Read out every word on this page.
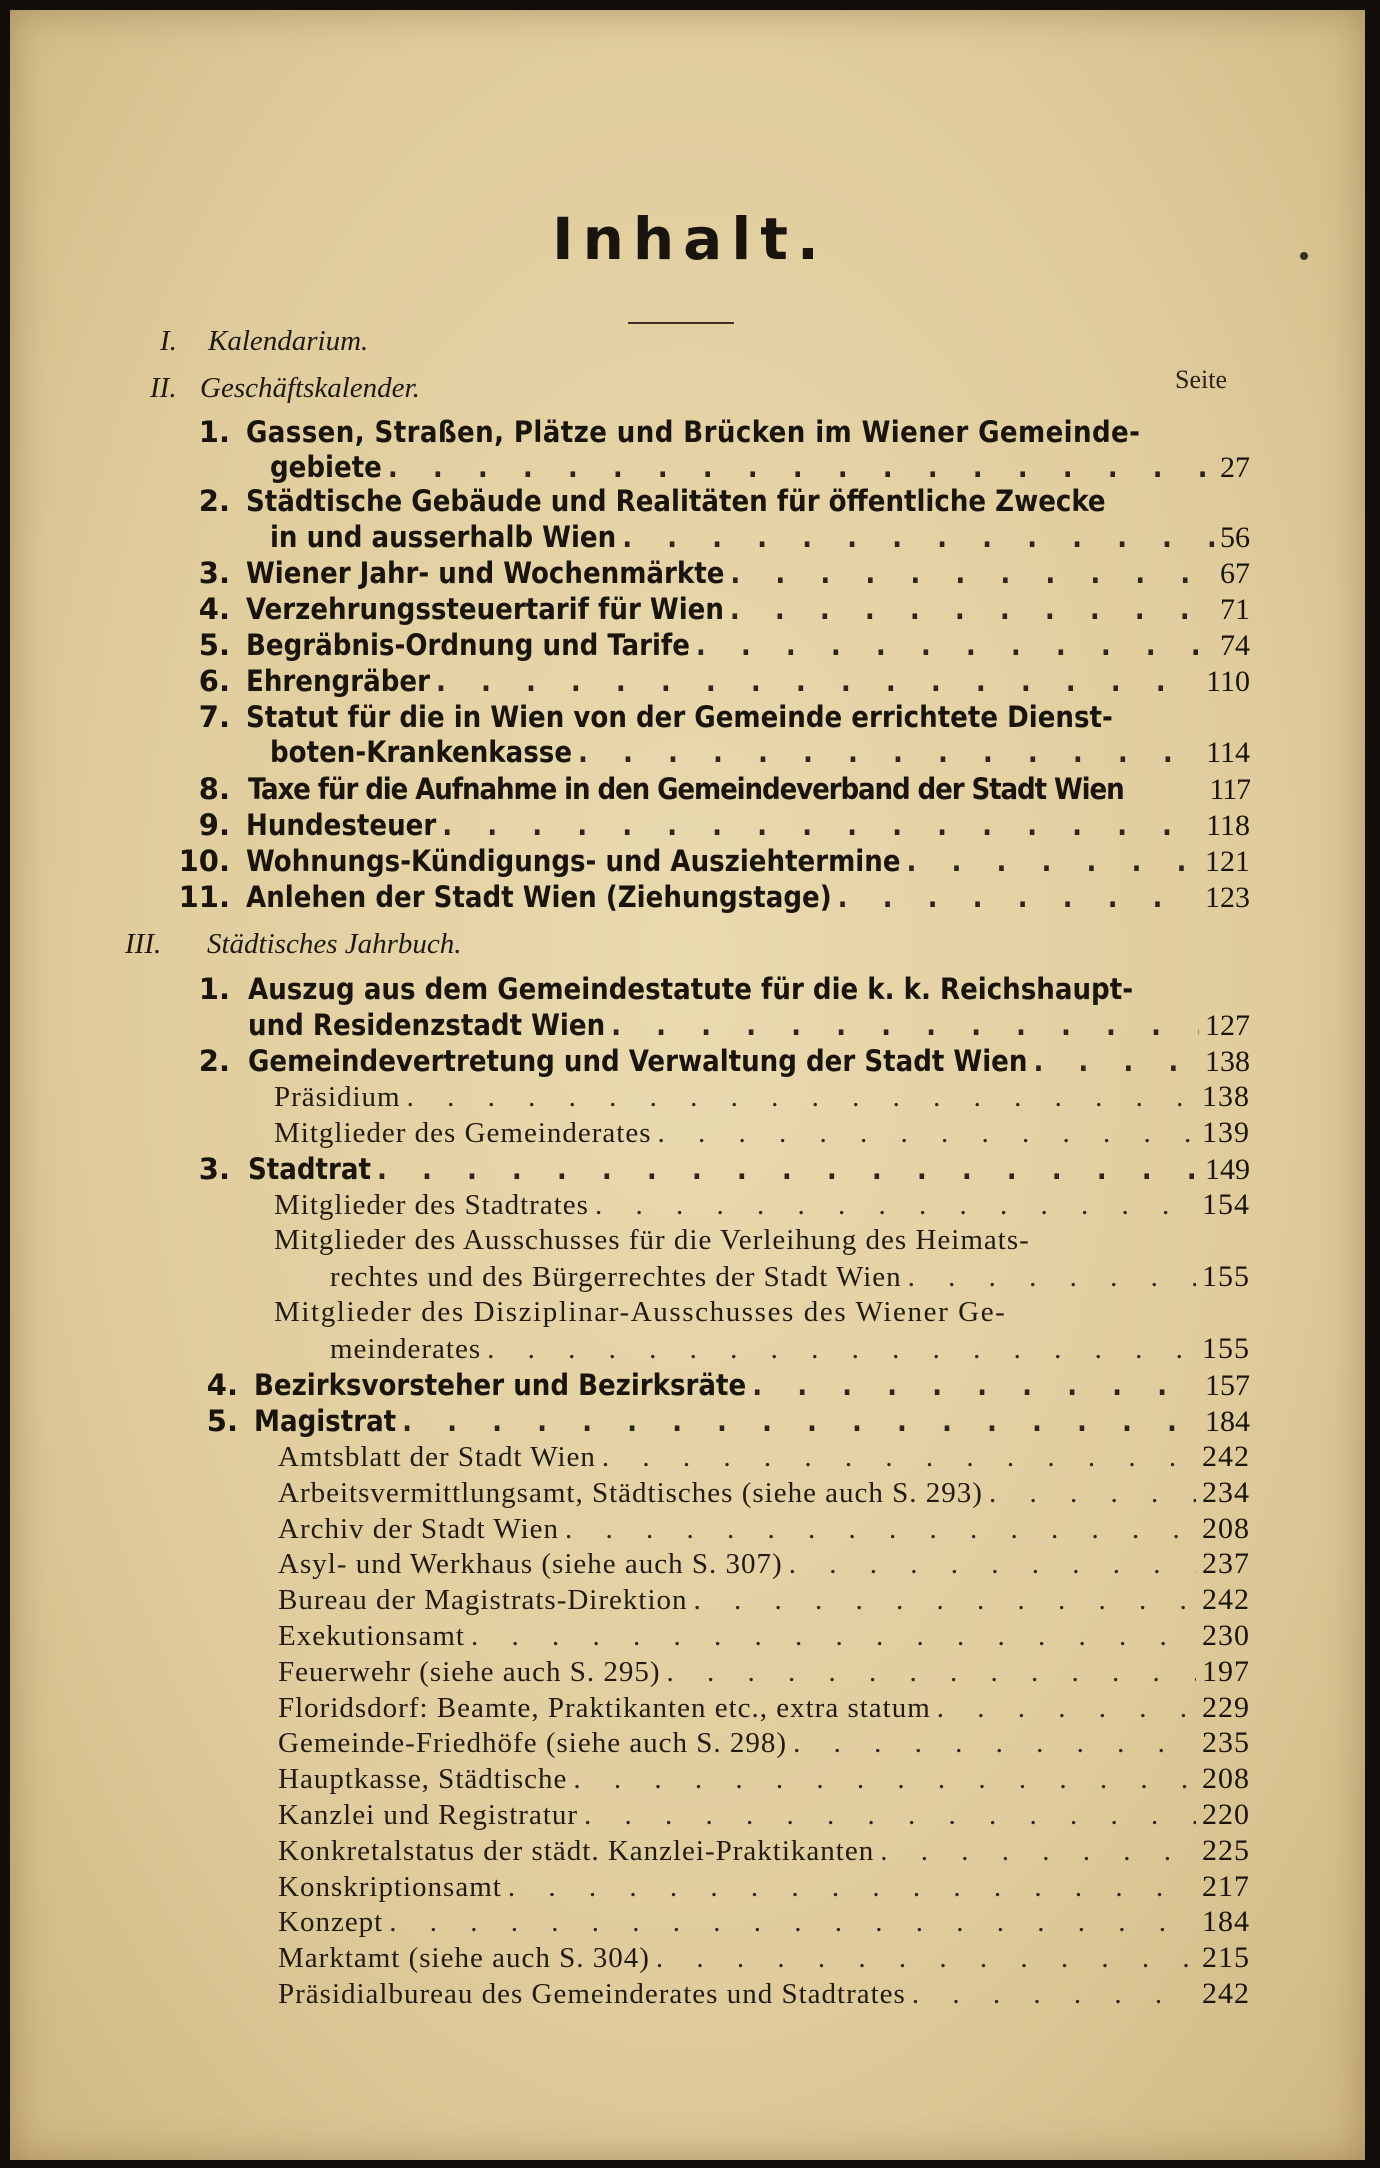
Inhalt.
Seite
I. Kalendarium.
II. Geschäftskalender.
III. Städtisches Jahrbuch.
1. Gassen, Straßen, Plätze und Brücken im Wiener Gemeinde-
gebiete . . .	27
2. Städtische Gebäude und Realitäten für öffentliche Zwecke
in und ausserhalb Wien . . .	56
3. Wiener Jahr- und Wochenmärkte . . .	67
4. Verzehrungssteuertarif für Wien . . .	71
5. Begräbnis-Ordnung und Tarife . . .	74
6. Ehrengräber . . .	110
7. Statut für die in Wien von der Gemeinde errichtete Dienst-
boten-Krankenkasse . . .	114
8. Taxe für die Aufnahme in den Gemeindeverband der Stadt Wien	117
9. Hundesteuer . . .	118
10. Wohnungs-Kündigungs- und Ausziehtermine . . .	121
11. Anlehen der Stadt Wien (Ziehungstage) . . .	123
1. Auszug aus dem Gemeindestatute für die k. k. Reichshaupt-
und Residenzstadt Wien . . .	127
2. Gemeindevertretung und Verwaltung der Stadt Wien . . .	138
Präsidium . . .	138
Mitglieder des Gemeinderates . . .	139
3. Stadtrat . . .	149
Mitglieder des Stadtrates . . .	154
Mitglieder des Ausschusses für die Verleihung des Heimats-
rechtes und des Bürgerrechtes der Stadt Wien . . .	155
Mitglieder des Disziplinar-Ausschusses des Wiener Ge-
meinderates . . .	155
4. Bezirksvorsteher und Bezirksräte . . .	157
5. Magistrat . . .	184
Amtsblatt der Stadt Wien . . .	242
Arbeitsvermittlungsamt, Städtisches (siehe auch S. 293) . . .	234
Archiv der Stadt Wien . . .	208
Asyl- und Werkhaus (siehe auch S. 307) . . .	237
Bureau der Magistrats-Direktion . . .	242
Exekutionsamt . . .	230
Feuerwehr (siehe auch S. 295) . . .	197
Floridsdorf: Beamte, Praktikanten etc., extra statum . . .	229
Gemeinde-Friedhöfe (siehe auch S. 298) . . .	235
Hauptkasse, Städtische . . .	208
Kanzlei und Registratur . . .	220
Konkretalstatus der städt. Kanzlei-Praktikanten . . .	225
Konskriptionsamt . . .	217
Konzept . . .	184
Marktamt (siehe auch S. 304) . . .	215
Präsidialbureau des Gemeinderates und Stadtrates . . .	242
